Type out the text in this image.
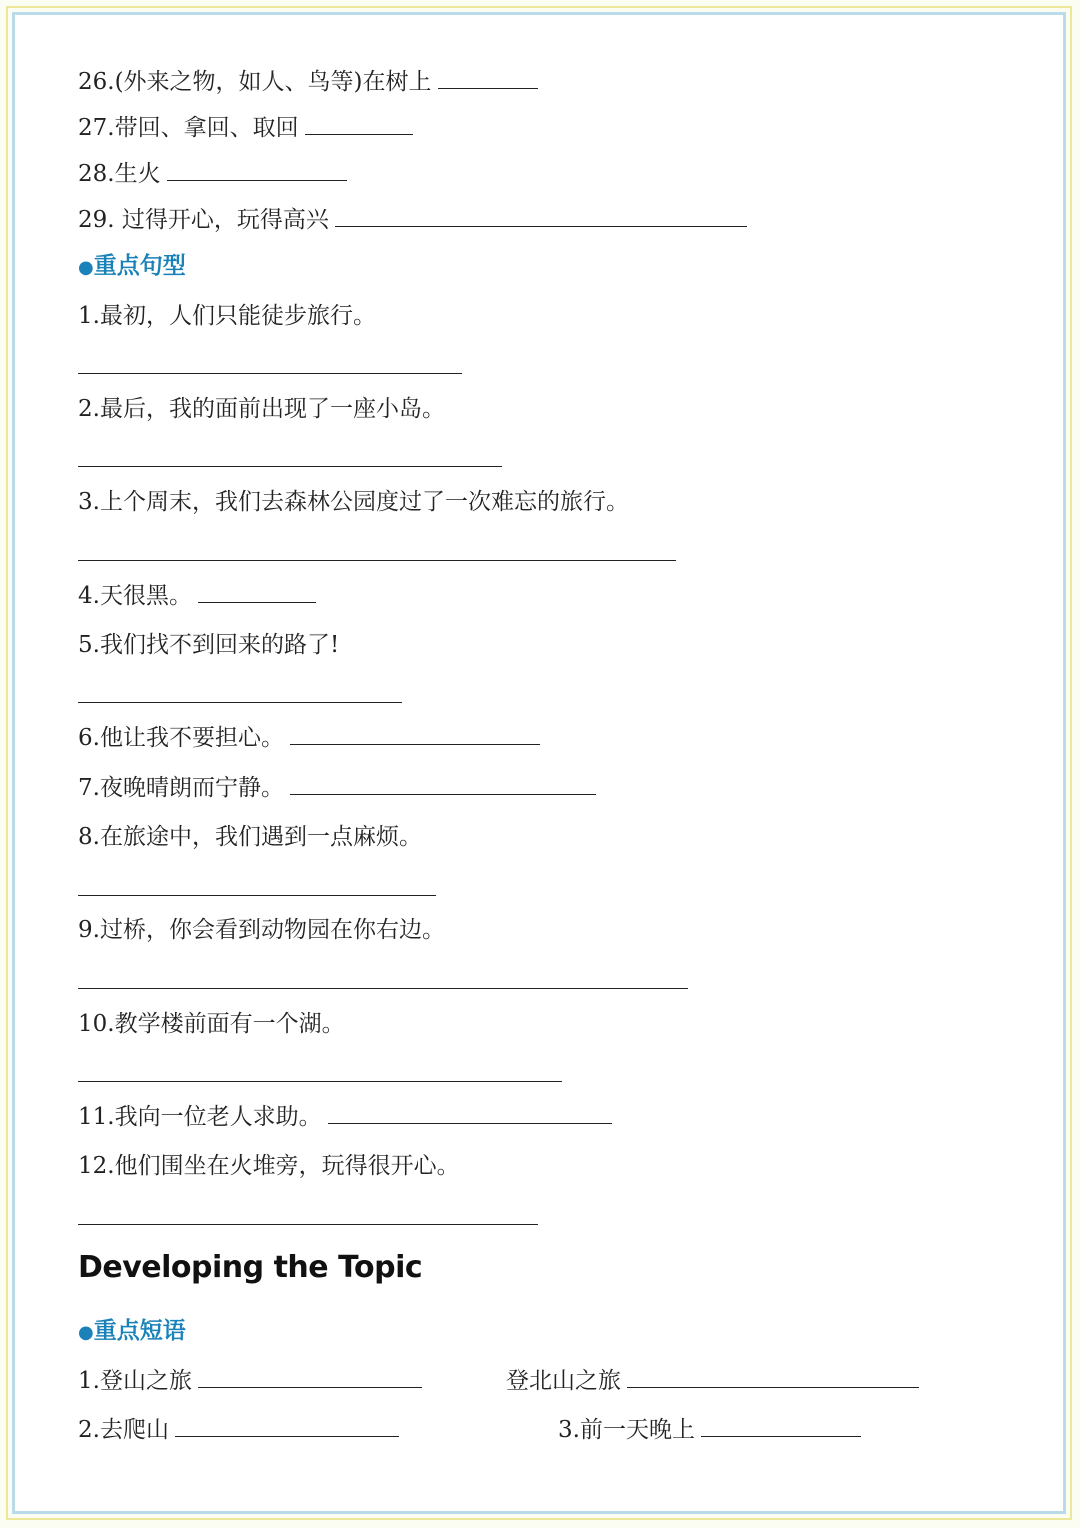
26.(外来之物，如人、鸟等)在树上
27.带回、拿回、取回
28.生火
29. 过得开心，玩得高兴
●重点句型
1.最初，人们只能徒步旅行。
2.最后，我的面前出现了一座小岛。
3.上个周末，我们去森林公园度过了一次难忘的旅行。
4.天很黑。
5.我们找不到回来的路了!
6.他让我不要担心。
7.夜晚晴朗而宁静。
8.在旅途中，我们遇到一点麻烦。
9.过桥，你会看到动物园在你右边。
10.教学楼前面有一个湖。
11.我向一位老人求助。
12.他们围坐在火堆旁，玩得很开心。
Developing the Topic
●重点短语
1.登山之旅	登北山之旅
2.去爬山	3.前一天晚上
